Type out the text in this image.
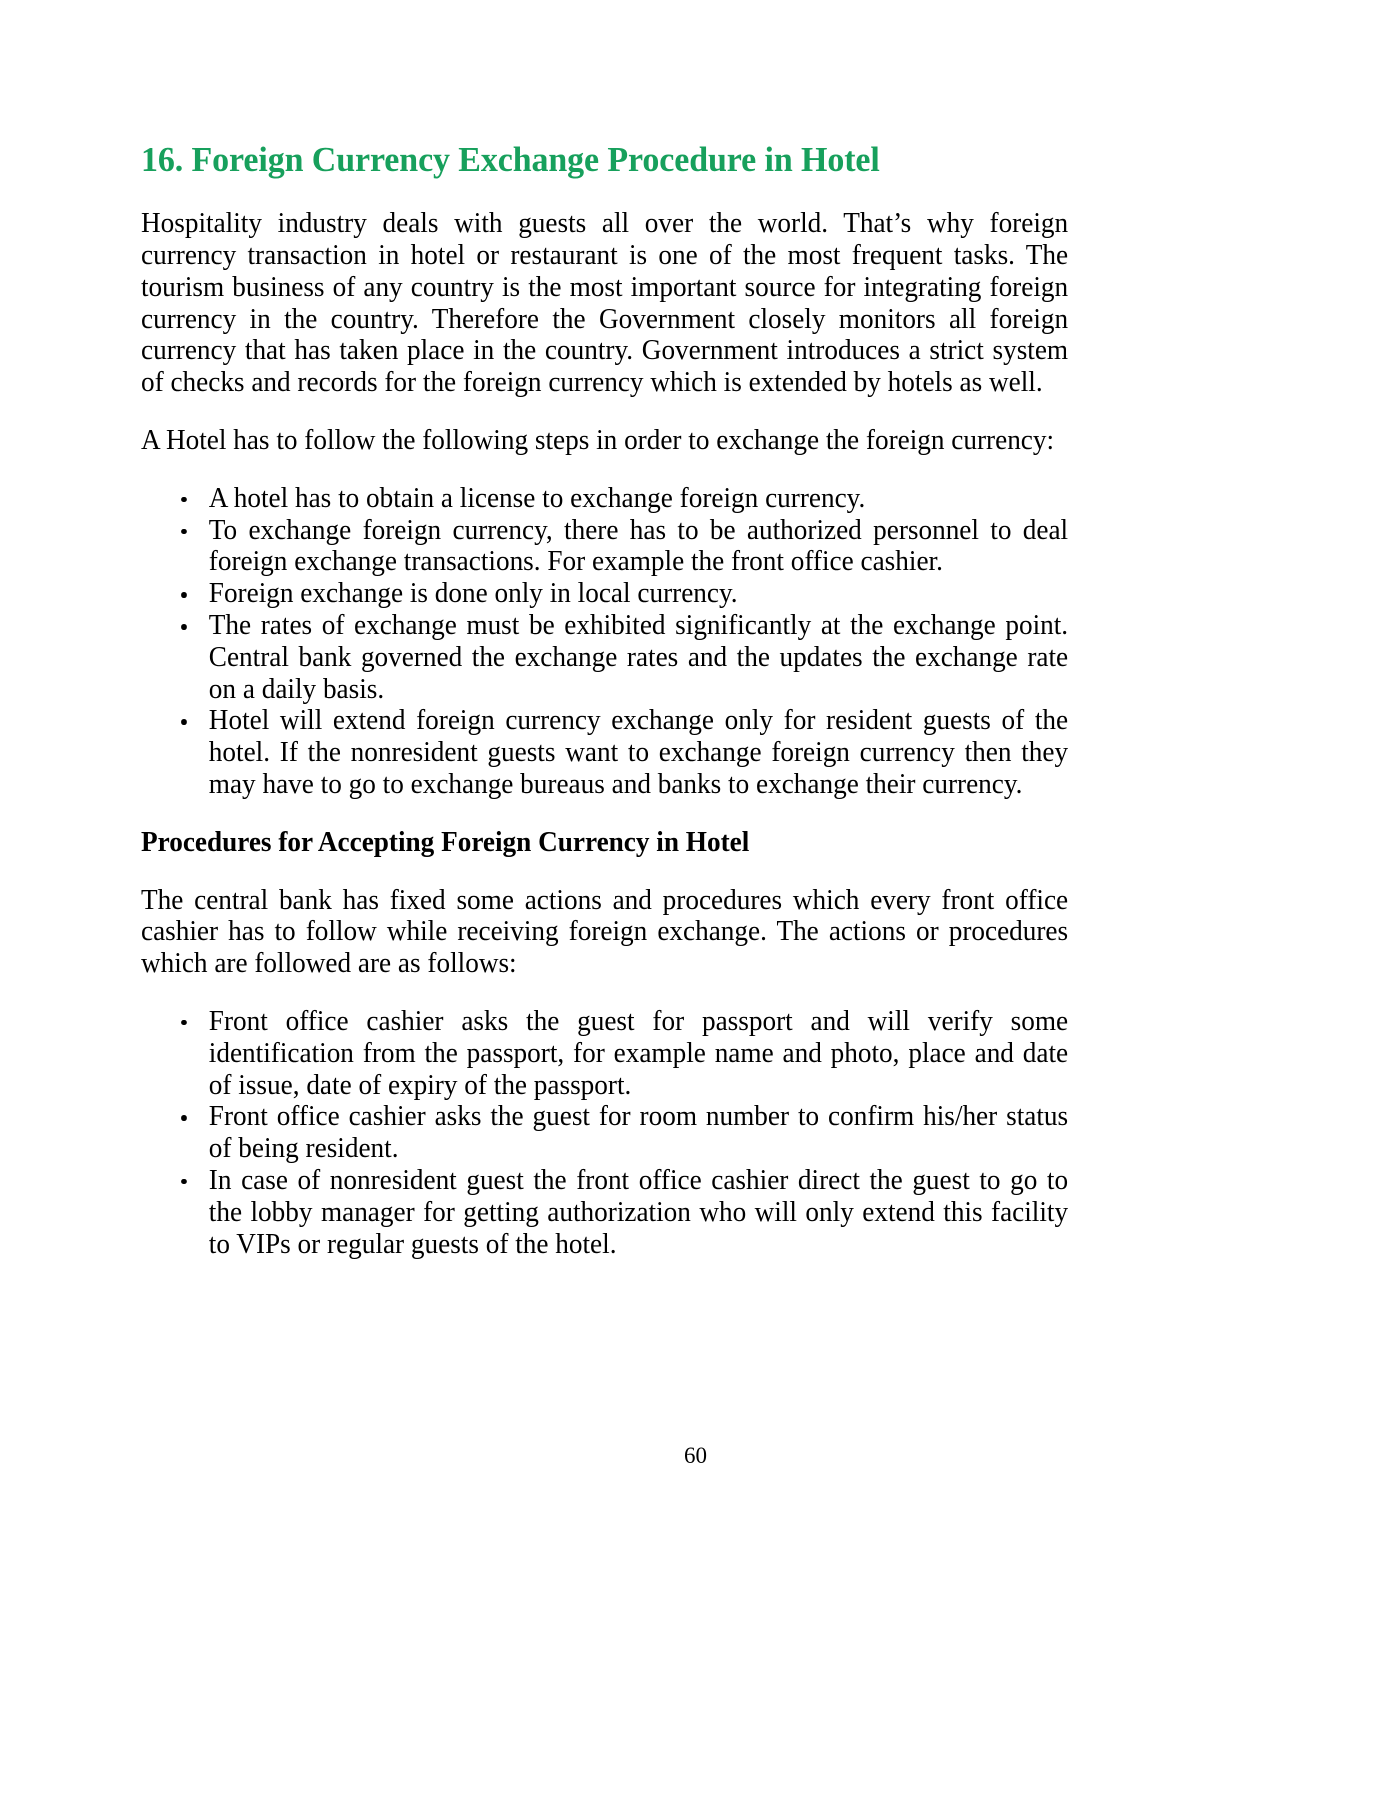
16. Foreign Currency Exchange Procedure in Hotel

Hospitality industry deals with guests all over the world. That’s why foreign currency transaction in hotel or restaurant is one of the most frequent tasks. The tourism business of any country is the most important source for integrating foreign currency in the country. Therefore the Government closely monitors all foreign currency that has taken place in the country. Government introduces a strict system of checks and records for the foreign currency which is extended by hotels as well.

A Hotel has to follow the following steps in order to exchange the foreign currency:

A hotel has to obtain a license to exchange foreign currency.
To exchange foreign currency, there has to be authorized personnel to deal foreign exchange transactions. For example the front office cashier.
Foreign exchange is done only in local currency.
The rates of exchange must be exhibited significantly at the exchange point. Central bank governed the exchange rates and the updates the exchange rate on a daily basis.
Hotel will extend foreign currency exchange only for resident guests of the hotel. If the nonresident guests want to exchange foreign currency then they may have to go to exchange bureaus and banks to exchange their currency.
Procedures for Accepting Foreign Currency in Hotel

The central bank has fixed some actions and procedures which every front office cashier has to follow while receiving foreign exchange. The actions or procedures which are followed are as follows:

Front office cashier asks the guest for passport and will verify some identification from the passport, for example name and photo, place and date of issue, date of expiry of the passport.
Front office cashier asks the guest for room number to confirm his/her status of being resident.
In case of nonresident guest the front office cashier direct the guest to go to the lobby manager for getting authorization who will only extend this facility to VIPs or regular guests of the hotel.
60
